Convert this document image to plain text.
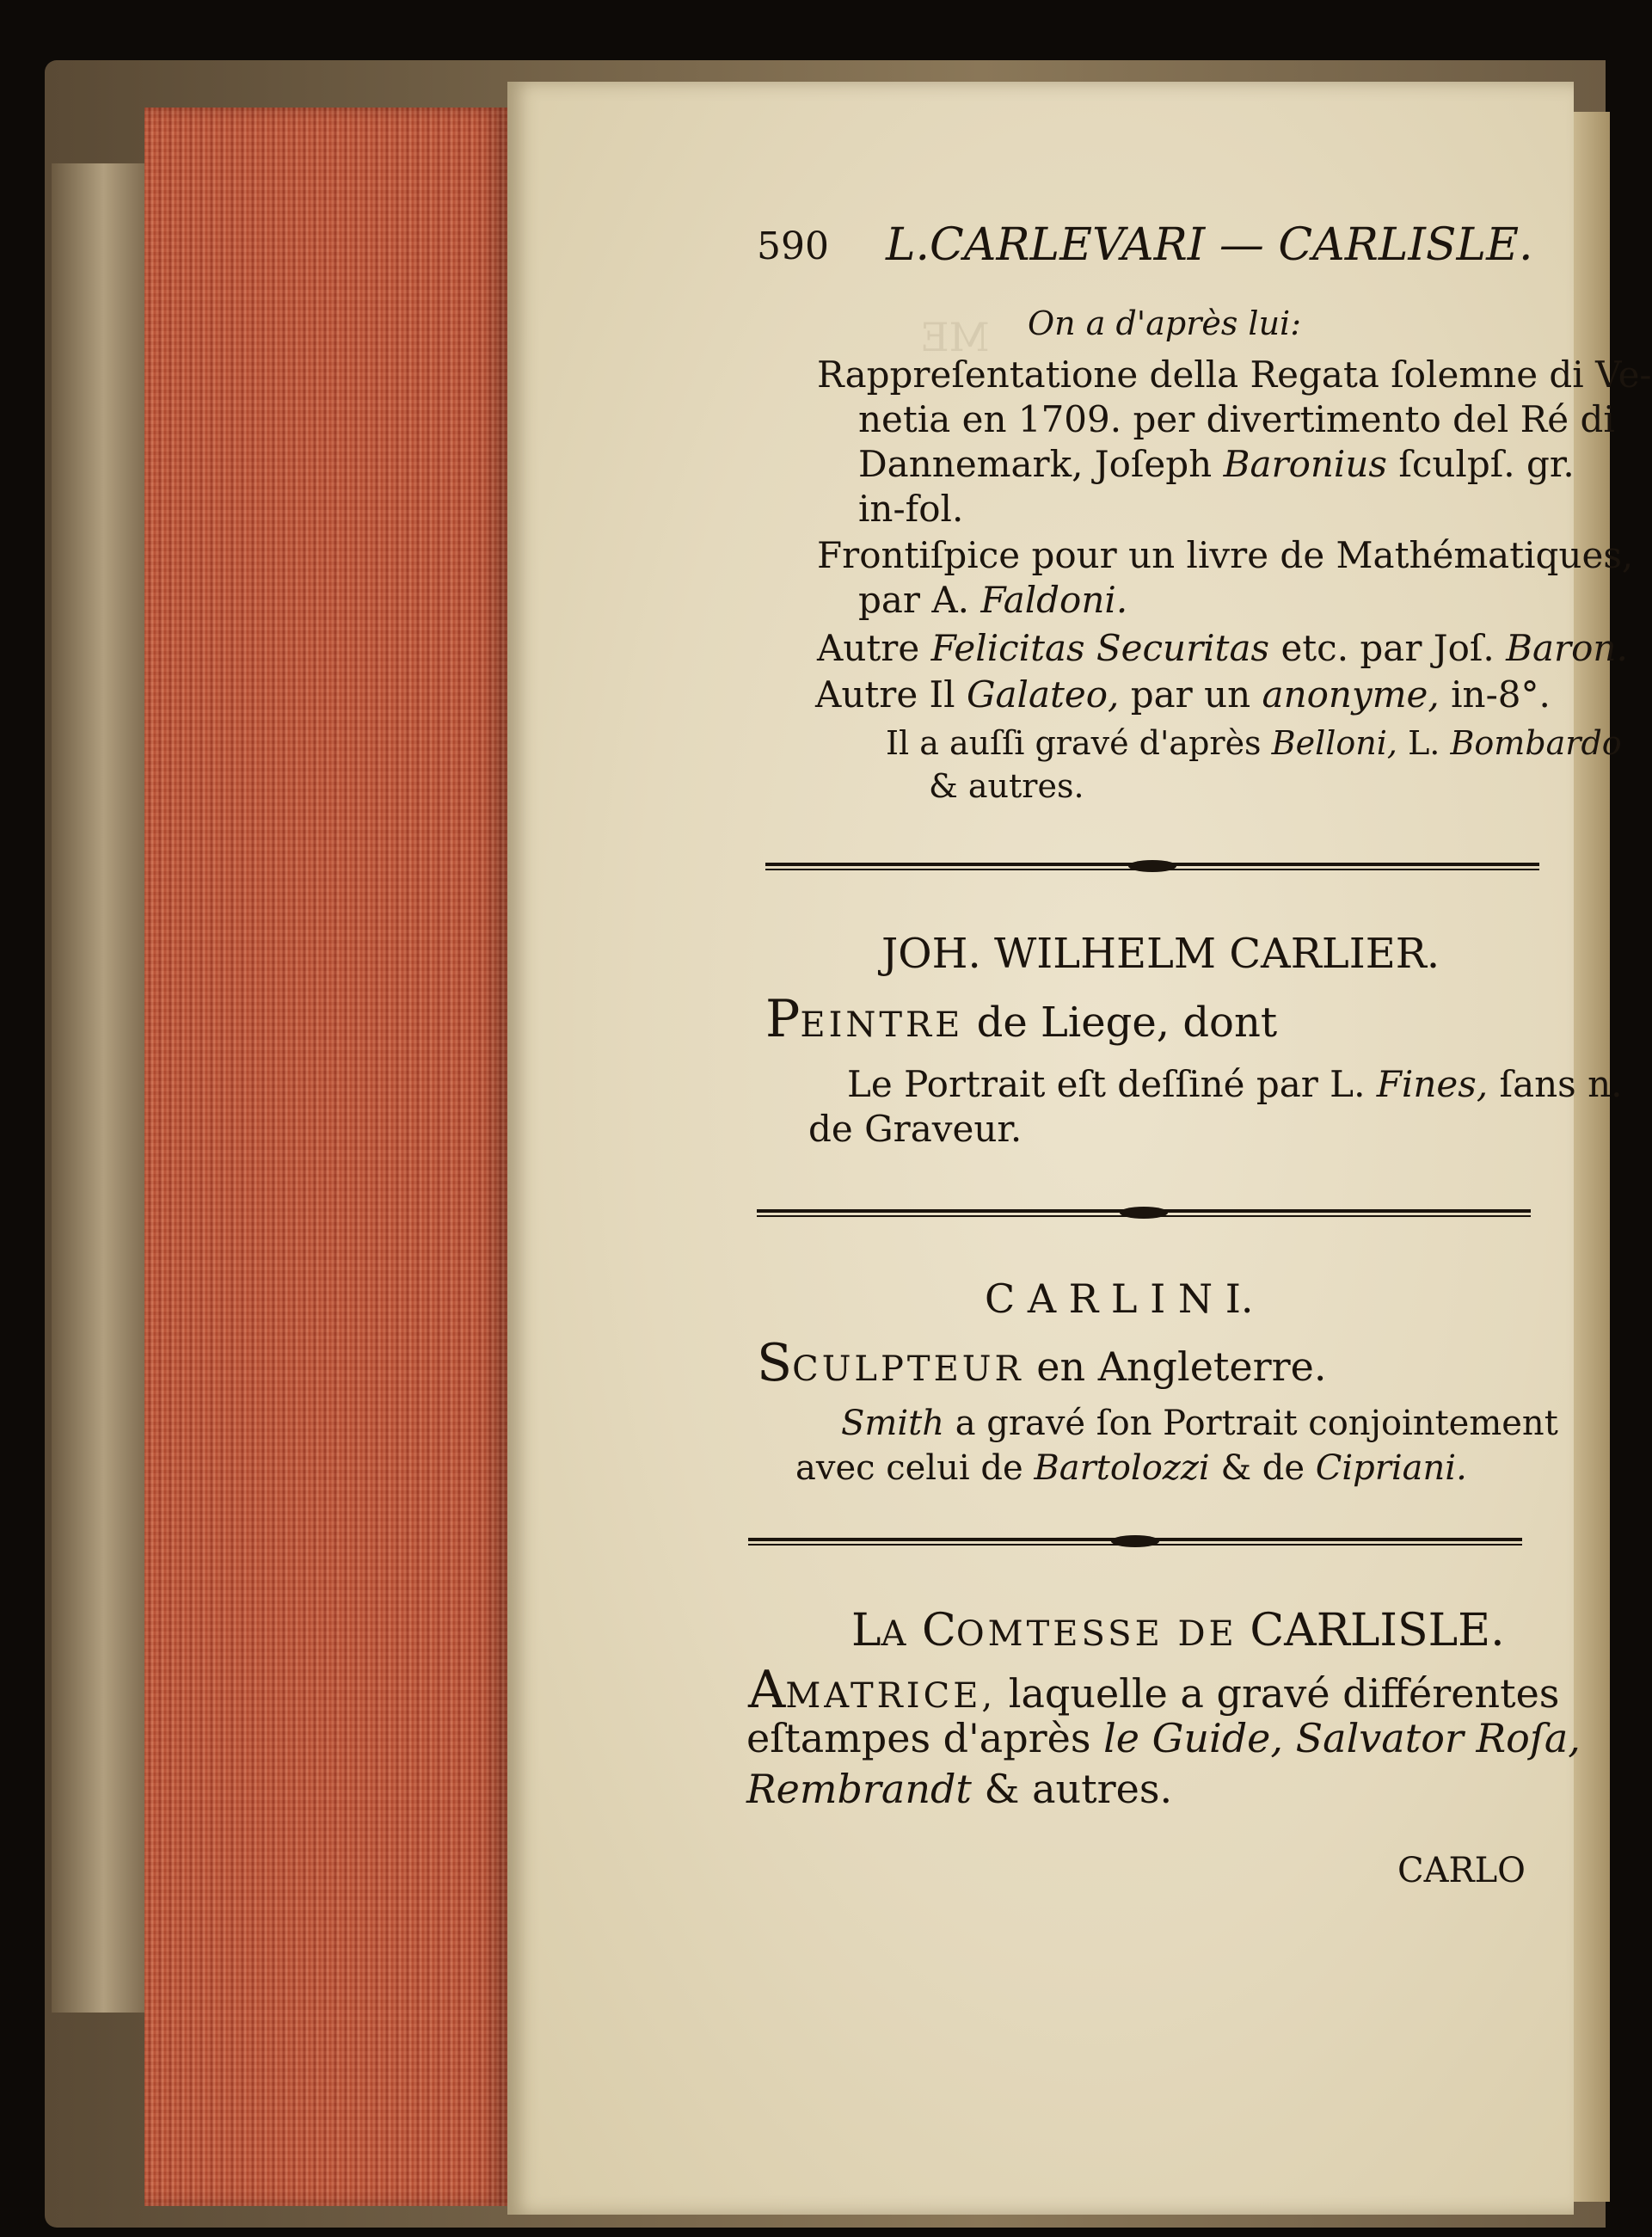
ME
590 L.CARLEVARI — CARLISLE.
On a d'après lui:
Rappreſentatione della Regata ſolemne di Ve-
netia en 1709. per divertimento del Ré di
Dannemark, Joſeph Baronius ſculpſ. gr.
in-fol.
Frontiſpice pour un livre de Mathématiques,
par A. Faldoni.
Autre Felicitas Securitas etc. par Joſ. Baron.
Autre Il Galateo, par un anonyme, in-8°.
Il a auſſi gravé d'après Belloni, L. Bombardo
& autres.
JOH. WILHELM CARLIER.
PEINTRE de Liege, dont
Le Portrait eſt deſſiné par L. Fines, ſans n.
de Graveur.
C A R L I N I.
SCULPTEUR en Angleterre.
Smith a gravé ſon Portrait conjointement
avec celui de Bartolozzi & de Cipriani.
LA COMTESSE DE CARLISLE.
AMATRICE, laquelle a gravé différentes
eſtampes d'après le Guide, Salvator Roſa,
Rembrandt & autres.
CARLO
